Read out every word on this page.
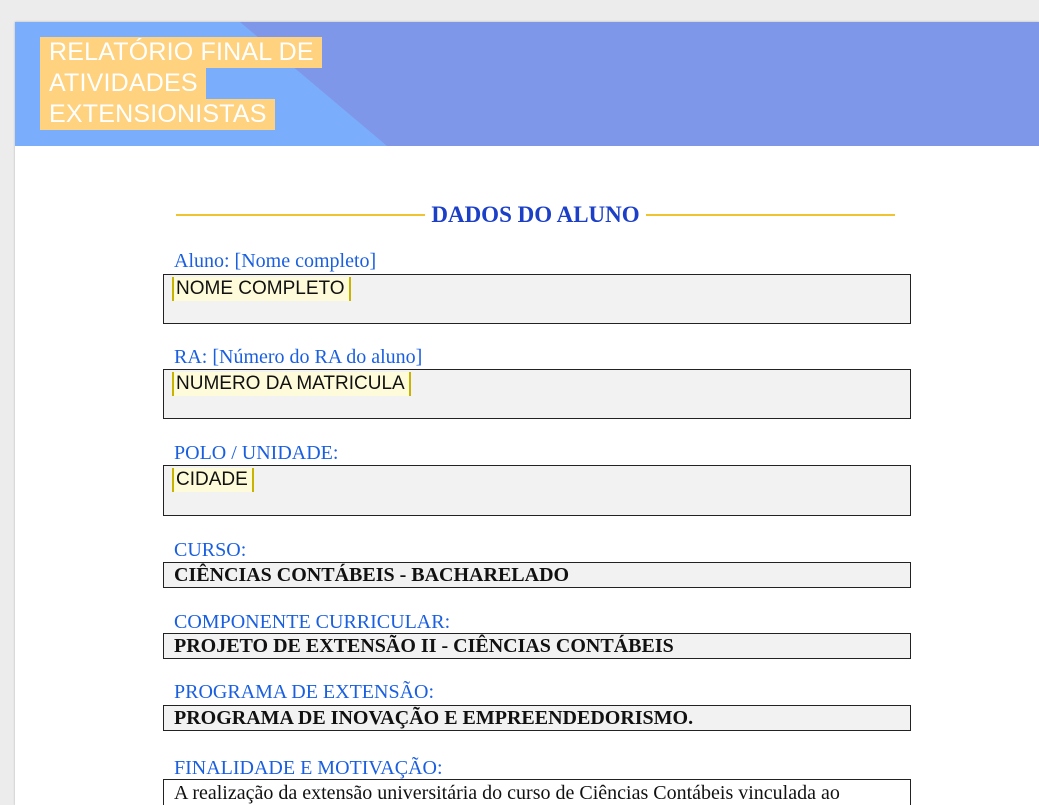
RELATÓRIO FINAL DE
ATIVIDADES
EXTENSIONISTAS
DADOS DO ALUNO
Aluno: [Nome completo]
NOME COMPLETO
RA: [Número do RA do aluno]
NUMERO DA MATRICULA
POLO / UNIDADE:
CIDADE
CURSO:
CIÊNCIAS CONTÁBEIS - BACHARELADO
COMPONENTE CURRICULAR:
PROJETO DE EXTENSÃO II - CIÊNCIAS CONTÁBEIS
PROGRAMA DE EXTENSÃO:
PROGRAMA DE INOVAÇÃO E EMPREENDEDORISMO.
FINALIDADE E MOTIVAÇÃO:
A realização da extensão universitária do curso de Ciências Contábeis vinculada ao
